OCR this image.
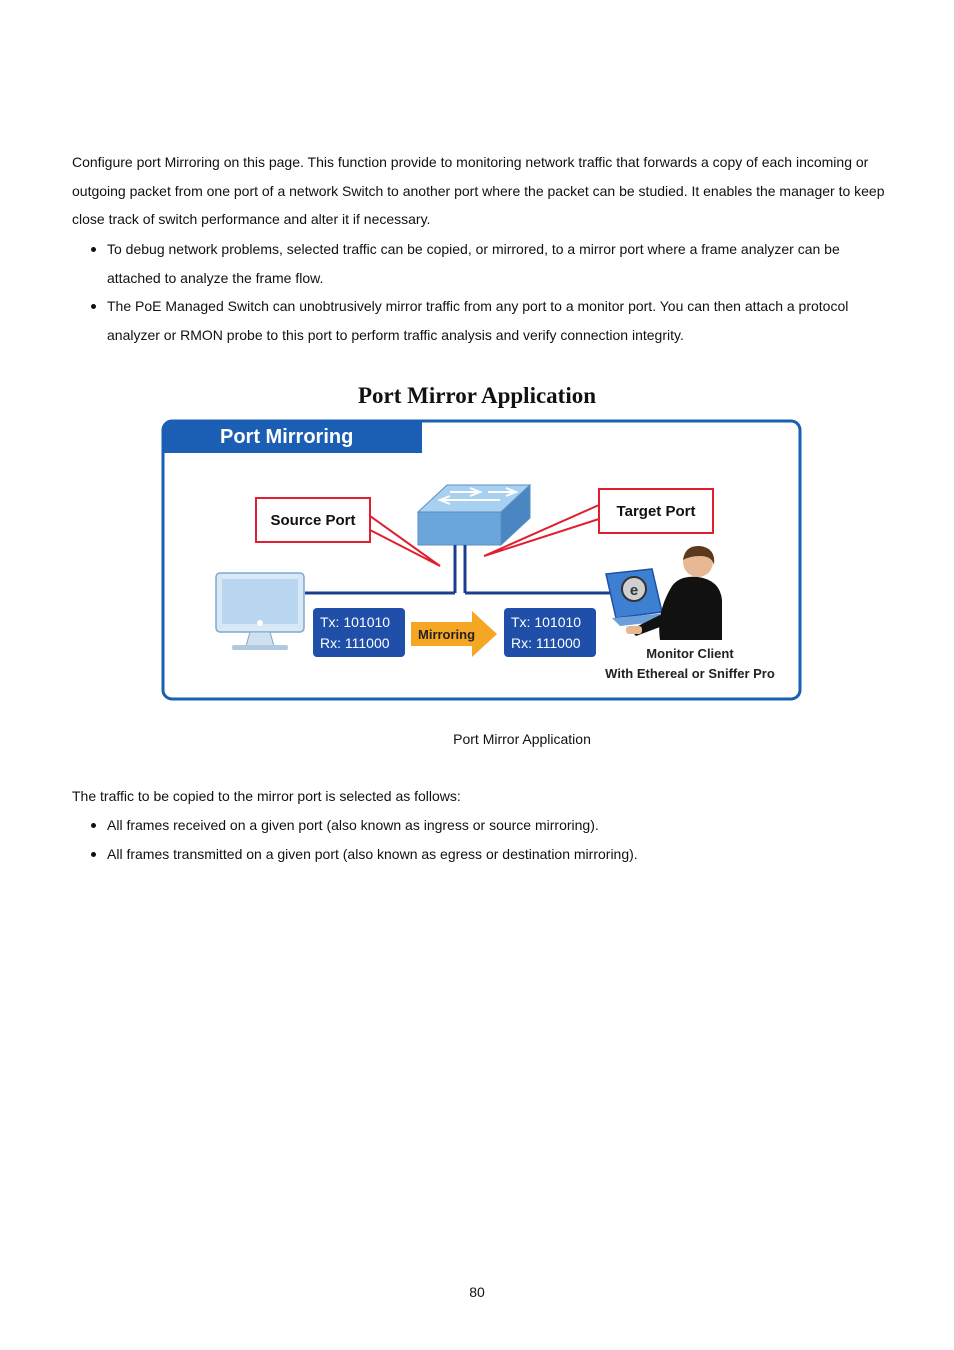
Configure port Mirroring on this page. This function provide to monitoring network traffic that forwards a copy of each incoming or outgoing packet from one port of a network Switch to another port where the packet can be studied. It enables the manager to keep close track of switch performance and alter it if necessary.

To debug network problems, selected traffic can be copied, or mirrored, to a mirror port where a frame analyzer can be attached to analyze the frame flow.
The PoE Managed Switch can unobtrusively mirror traffic from any port to a monitor port. You can then attach a protocol analyzer or RMON probe to this port to perform traffic analysis and verify connection integrity.
Port Mirror Application
Port Mirroring
Source Port
Target Port
Tx: 101010
Rx: 111000
Mirroring
Tx: 101010
Rx: 111000
e
Monitor Client
With Ethereal or Sniffer Pro
Port Mirror Application

The traffic to be copied to the mirror port is selected as follows:

All frames received on a given port (also known as ingress or source mirroring).
All frames transmitted on a given port (also known as egress or destination mirroring).
80
